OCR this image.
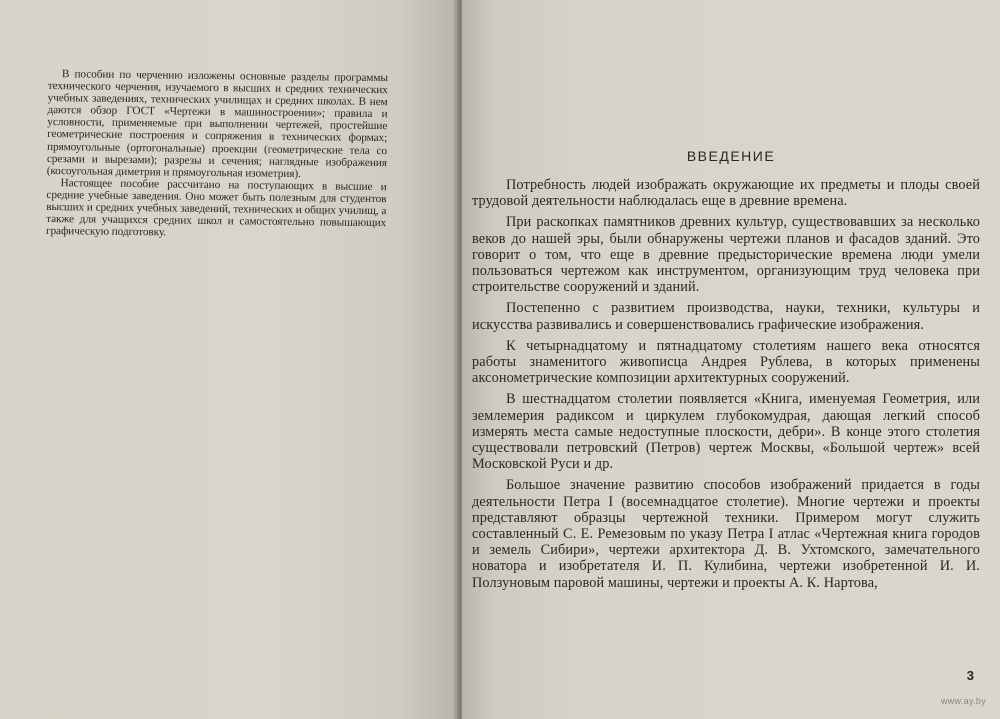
В пособии по черчению изложены основные разделы программы технического черчения, изучаемого в высших и средних технических учебных заведениях, технических училищах и средних школах. В нем даются обзор ГОСТ «Чертежи в машиностроении»; правила и условности, применяемые при выполнении чертежей, простейшие геометрические построения и сопряжения в технических формах; прямоугольные (ортогональные) проекции (геометрические тела со срезами и вырезами); разрезы и сечения; наглядные изображения (косоугольная диметрия и прямоугольная изометрия).

Настоящее пособие рассчитано на поступающих в высшие и средние учебные заведения. Оно может быть полезным для студентов высших и средних учебных заведений, технических и общих училищ, а также для учащихся средних школ и самостоятельно повышающих графическую подготовку.

ВВЕДЕНИЕ

Потребность людей изображать окружающие их предметы и плоды своей трудовой деятельности наблюдалась еще в древние времена.

При раскопках памятников древних культур, существовавших за несколько веков до нашей эры, были обнаружены чертежи планов и фасадов зданий. Это говорит о том, что еще в древние предысторические времена люди умели пользоваться чертежом как инструментом, организующим труд человека при строительстве сооружений и зданий.

Постепенно с развитием производства, науки, техники, культуры и искусства развивались и совершенствовались графические изображения.

К четырнадцатому и пятнадцатому столетиям нашего века относятся работы знаменитого живописца Андрея Рублева, в которых применены аксонометрические композиции архитектурных сооружений.

В шестнадцатом столетии появляется «Книга, именуемая Геометрия, или землемерия радиксом и циркулем глубокомудрая, дающая легкий способ измерять места самые недоступные плоскости, дебри». В конце этого столетия существовали петровский (Петров) чертеж Москвы, «Большой чертеж» всей Московской Руси и др.

Большое значение развитию способов изображений придается в годы деятельности Петра I (восемнадцатое столетие). Многие чертежи и проекты представляют образцы чертежной техники. Примером могут служить составленный С. Е. Ремезовым по указу Петра I атлас «Чертежная книга городов и земель Сибири», чертежи архитектора Д. В. Ухтомского, замечательного новатора и изобретателя И. П. Кулибина, чертежи изобретенной И. И. Ползуновым паровой машины, чертежи и проекты А. К. Нартова,

3
www.ay.by
